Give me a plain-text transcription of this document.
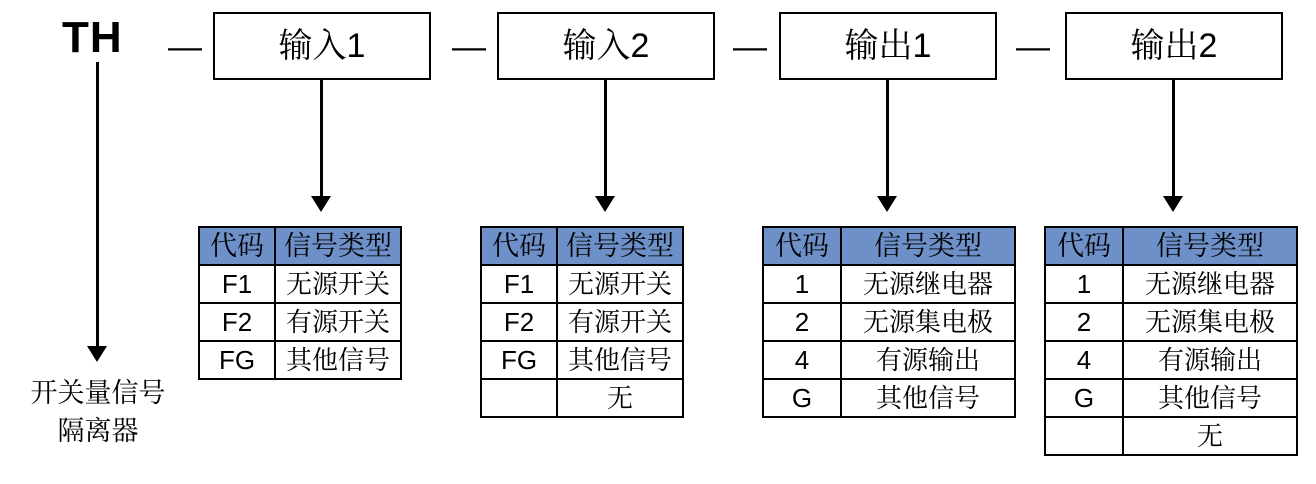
TH —	—	—	—
输入1	输入2	输出1	输出2
代码	信号类型
F1	无源开关
F2	有源开关
FG	其他信号
代码	信号类型
F1	无源开关
F2	有源开关
FG	其他信号
	无
代码	信号类型
1	无源继电器
2	无源集电极
4	有源输出
G	其他信号
代码	信号类型
1	无源继电器
2	无源集电极
4	有源输出
G	其他信号
	无
开关量信号
隔离器
